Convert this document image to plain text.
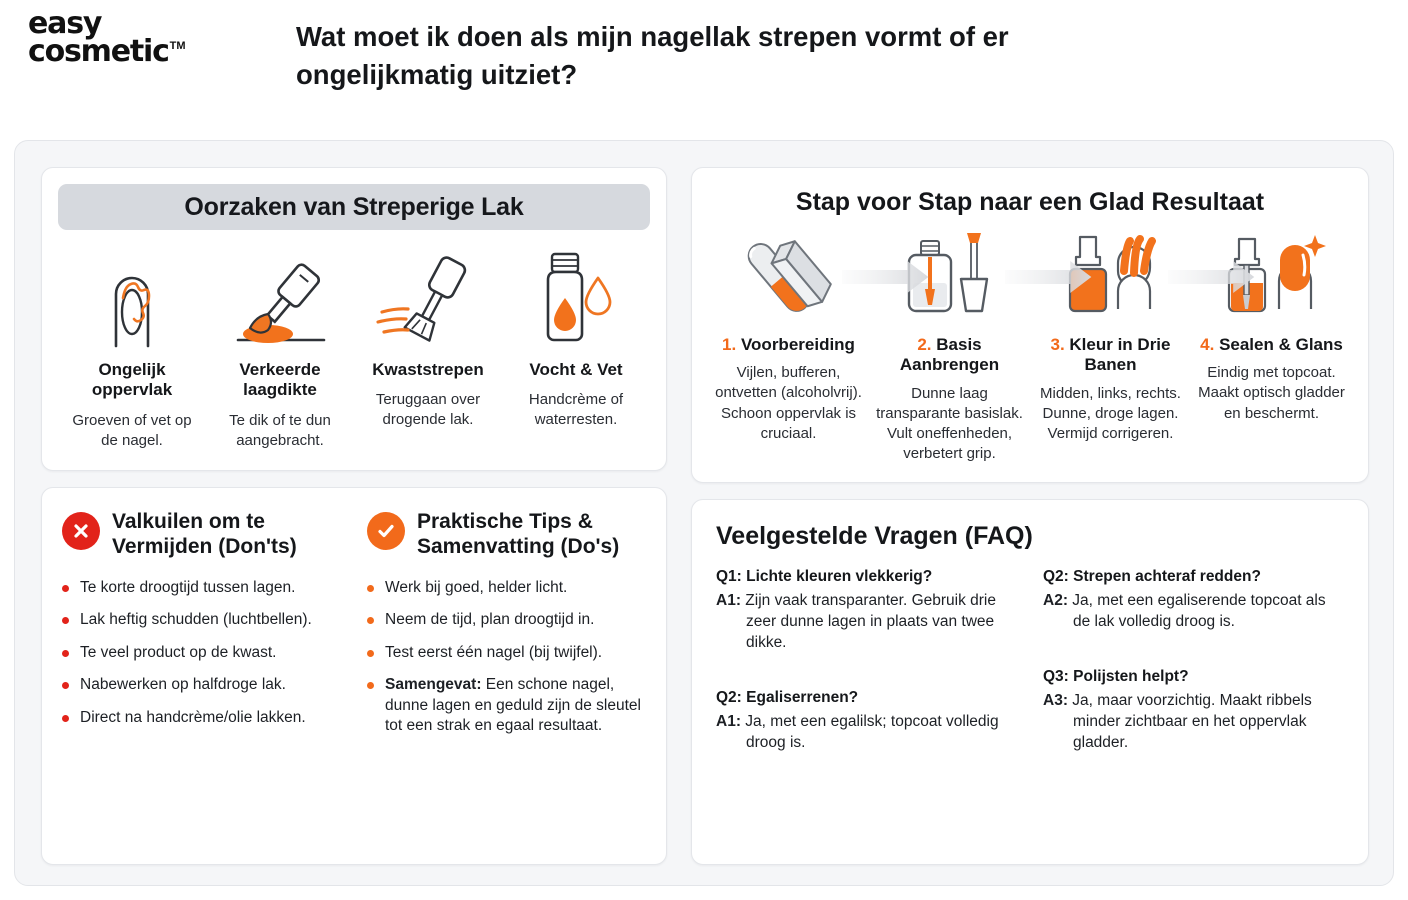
easy
cosmetic TM	Wat moet ik doen als mijn nagellak strepen vormt of er ongelijkmatig uitziet?
Oorzaken van Streperige Lak
Ongelijk oppervlak
Groeven of vet op de nagel.
Verkeerde laagdikte
Te dik of te dun aangebracht.
Kwaststrepen
Teruggaan over drogende lak.
Vocht & Vet
Handcrème of waterresten.
Valkuilen om te Vermijden (Don'ts)
Te korte droogtijd tussen lagen.
Lak heftig schudden (luchtbellen).
Te veel product op de kwast.
Nabewerken op halfdroge lak.
Direct na handcrème/olie lakken.
Praktische Tips & Samenvatting (Do's)
Werk bij goed, helder licht.
Neem de tijd, plan droogtijd in.
Test eerst één nagel (bij twijfel).
Samengevat: Een schone nagel, dunne lagen en geduld zijn de sleutel tot een strak en egaal resultaat.
Stap voor Stap naar een Glad Resultaat
1. Voorbereiding
Vijlen, bufferen, ontvetten (alcoholvrij). Schoon oppervlak is cruciaal.
2. Basis Aanbrengen
Dunne laag transparante basislak. Vult oneffenheden, verbetert grip.
3. Kleur in Drie Banen
Midden, links, rechts. Dunne, droge lagen. Vermijd corrigeren.
4. Sealen & Glans
Eindig met topcoat. Maakt optisch gladder en beschermt.
Veelgestelde Vragen (FAQ)
Q1: Lichte kleuren vlekkerig?
A1: Zijn vaak transparanter. Gebruik drie zeer dunne lagen in plaats van twee dikke.
Q2: Egaliserrenen?
A1: Ja, met een egalilsk; topcoat volledig droog is.
Q2: Strepen achteraf redden?
A2: Ja, met een egaliserende topcoat als de lak volledig droog is.
Q3: Polijsten helpt?
A3: Ja, maar voorzichtig. Maakt ribbels minder zichtbaar en het oppervlak gladder.
